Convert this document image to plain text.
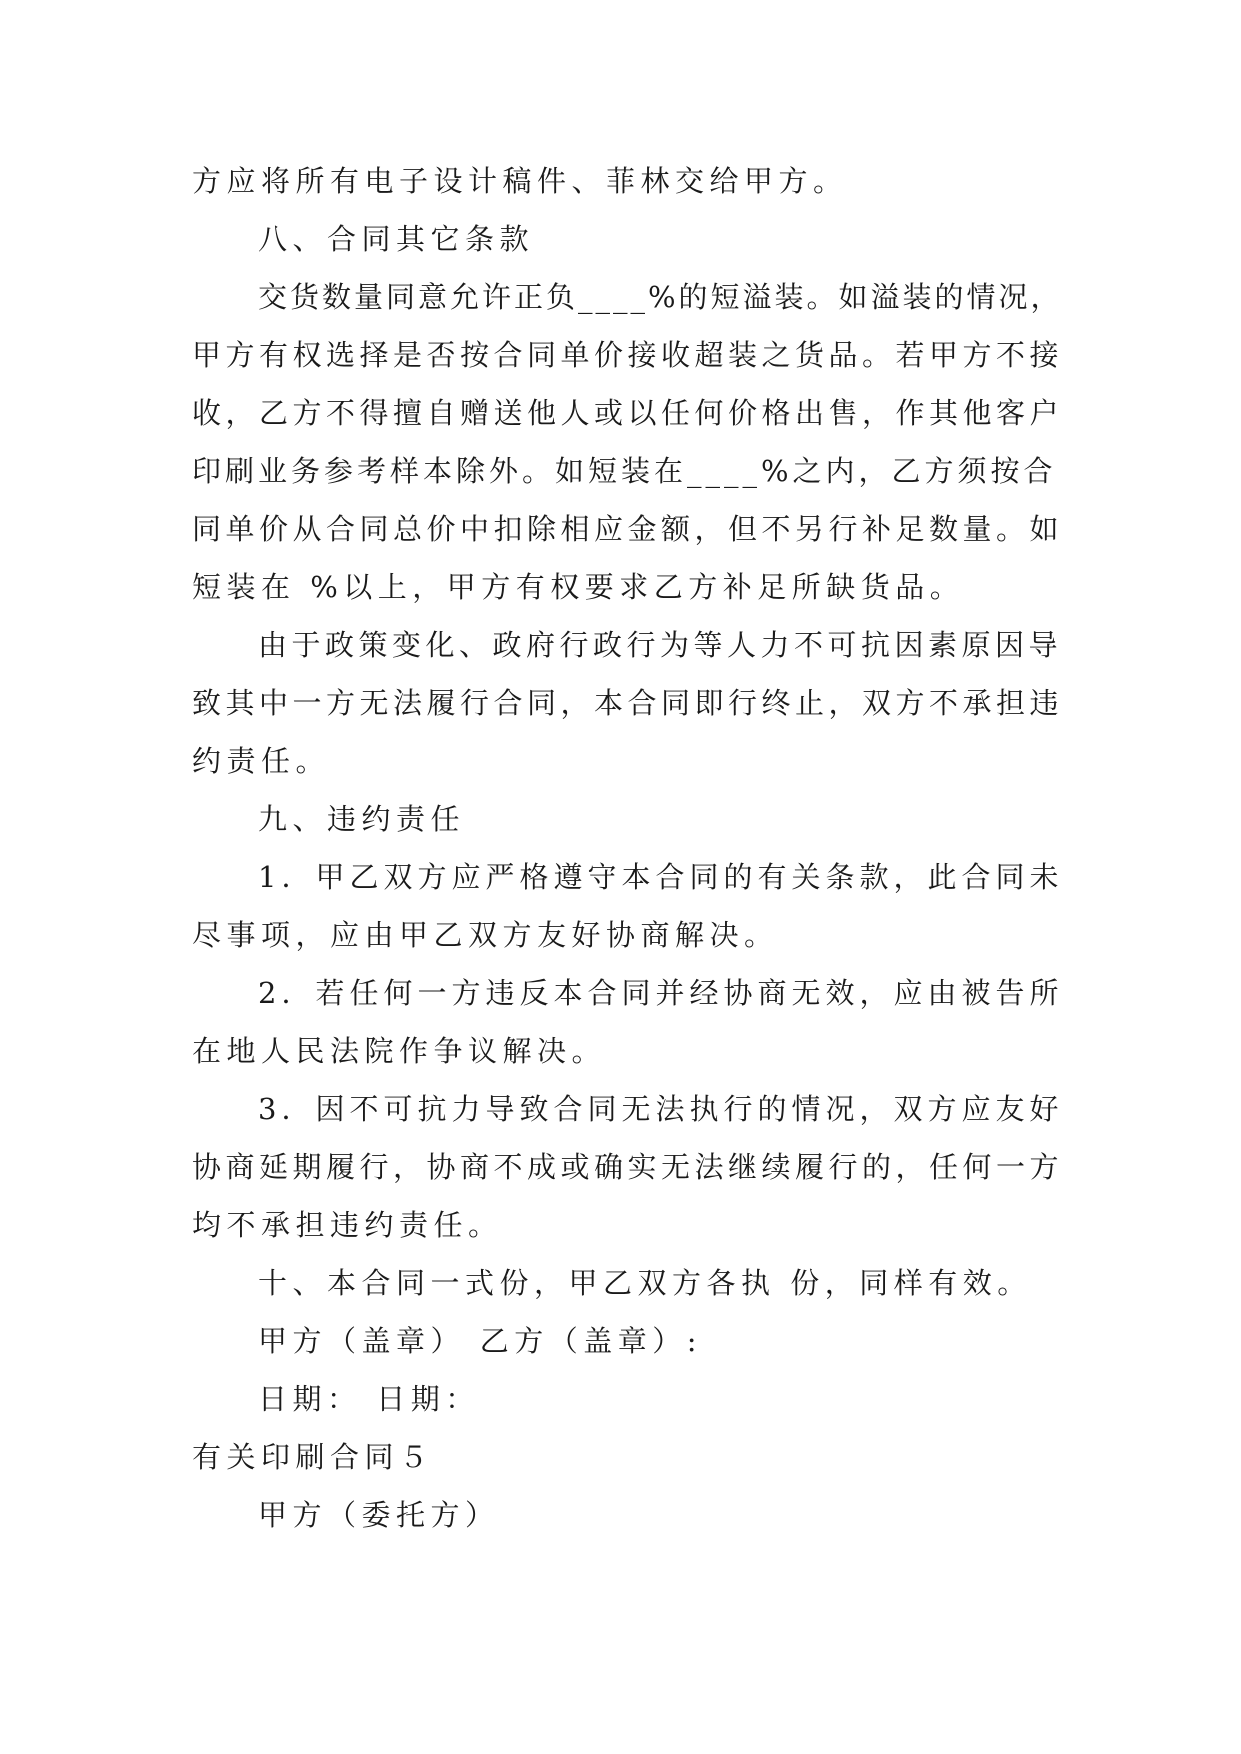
方应将所有电子设计稿件、菲林交给甲方。
八、合同其它条款
交货数量同意允许正负____%的短溢装。如溢装的情况，
甲方有权选择是否按合同单价接收超装之货品。若甲方不接
收，乙方不得擅自赠送他人或以任何价格出售，作其他客户
印刷业务参考样本除外。如短装在____%之内，乙方须按合
同单价从合同总价中扣除相应金额，但不另行补足数量。如
短装在 %以上，甲方有权要求乙方补足所缺货品。
由于政策变化、政府行政行为等人力不可抗因素原因导
致其中一方无法履行合同，本合同即行终止，双方不承担违
约责任。
九、违约责任
1．甲乙双方应严格遵守本合同的有关条款，此合同未
尽事项，应由甲乙双方友好协商解决。
2．若任何一方违反本合同并经协商无效，应由被告所
在地人民法院作争议解决。
3．因不可抗力导致合同无法执行的情况，双方应友好
协商延期履行，协商不成或确实无法继续履行的，任何一方
均不承担违约责任。
十、本合同一式份，甲乙双方各执 份，同样有效。
甲方（盖章） 乙方（盖章）:
日期： 日期：
有关印刷合同５
甲方（委托方）
